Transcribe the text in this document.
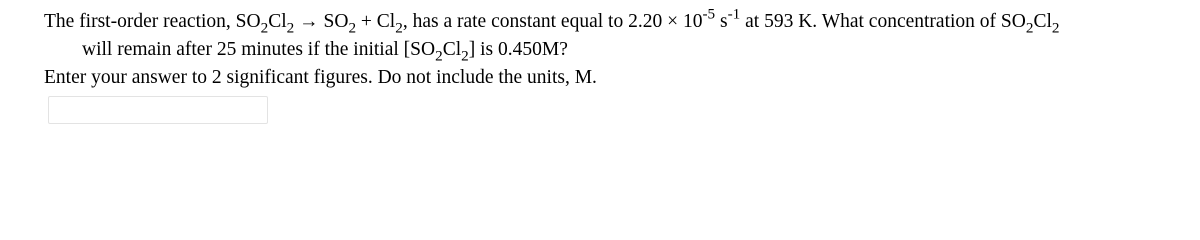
The first-order reaction, $SO_2Cl_2 \to SO_2 + Cl_2$, has a rate constant equal to $2.20 \times 10^{-5}$ $s^{-1}$ at 593 K. What concentration of $SO_2Cl_2$
will remain after 25 minutes if the initial $[SO_2Cl_2]$ is 0.450M?
Enter your answer to 2 significant figures. Do not include the units, M.
